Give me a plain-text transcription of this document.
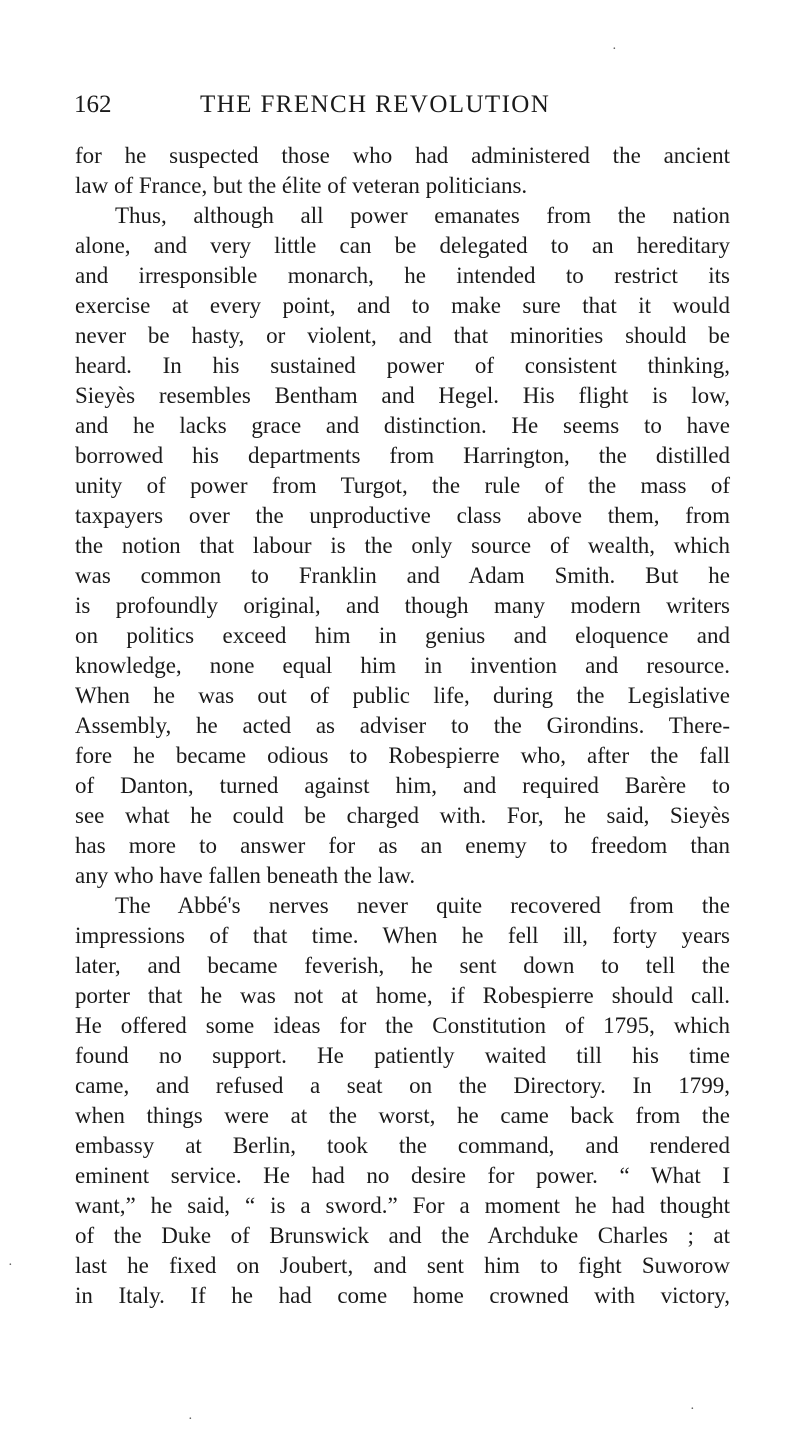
162	THE FRENCH REVOLUTION
for he suspected those who had administered the ancient
law of France, but the élite of veteran politicians.
Thus, although all power emanates from the nation
alone, and very little can be delegated to an hereditary
and irresponsible monarch, he intended to restrict its
exercise at every point, and to make sure that it would
never be hasty, or violent, and that minorities should be
heard. In his sustained power of consistent thinking,
Sieyès resembles Bentham and Hegel. His flight is low,
and he lacks grace and distinction. He seems to have
borrowed his departments from Harrington, the distilled
unity of power from Turgot, the rule of the mass of
taxpayers over the unproductive class above them, from
the notion that labour is the only source of wealth, which
was common to Franklin and Adam Smith. But he
is profoundly original, and though many modern writers
on politics exceed him in genius and eloquence and
knowledge, none equal him in invention and resource.
When he was out of public life, during the Legislative
Assembly, he acted as adviser to the Girondins. There-
fore he became odious to Robespierre who, after the fall
of Danton, turned against him, and required Barère to
see what he could be charged with. For, he said, Sieyès
has more to answer for as an enemy to freedom than
any who have fallen beneath the law.
The Abbé's nerves never quite recovered from the
impressions of that time. When he fell ill, forty years
later, and became feverish, he sent down to tell the
porter that he was not at home, if Robespierre should call.
He offered some ideas for the Constitution of 1795, which
found no support. He patiently waited till his time
came, and refused a seat on the Directory. In 1799,
when things were at the worst, he came back from the
embassy at Berlin, took the command, and rendered
eminent service. He had no desire for power. “ What I
want,” he said, “ is a sword.” For a moment he had thought
of the Duke of Brunswick and the Archduke Charles ; at
last he fixed on Joubert, and sent him to fight Suworow
in Italy. If he had come home crowned with victory,
·
·
·
·
